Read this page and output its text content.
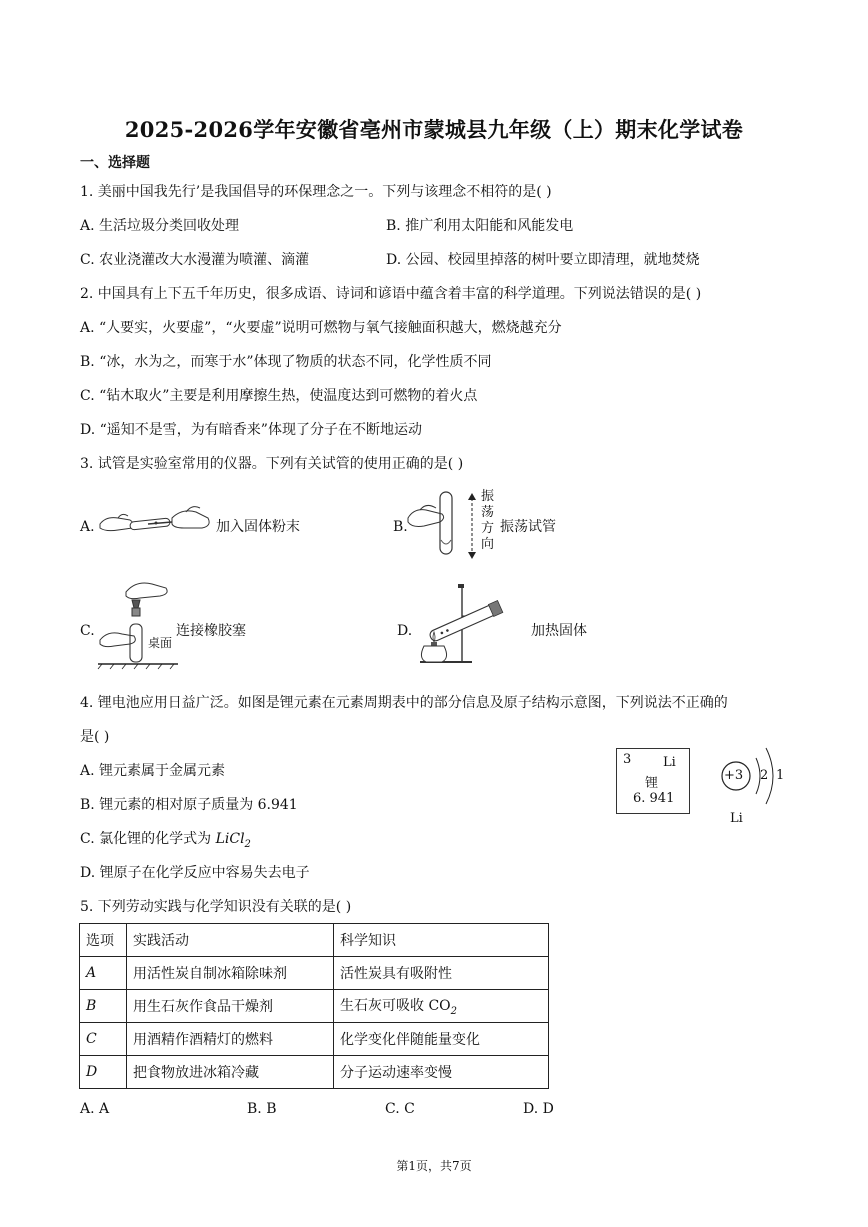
2025-2026学年安徽省亳州市蒙城县九年级（上）期末化学试卷
一、选择题
1. 美丽中国我先行’是我国倡导的环保理念之一。下列与该理念不相符的是( )
A. 生活垃圾分类回收处理	B. 推广利用太阳能和风能发电
C. 农业浇灌改大水漫灌为喷灌、滴灌	D. 公园、校园里掉落的树叶要立即清理，就地焚烧
2. 中国具有上下五千年历史，很多成语、诗词和谚语中蕴含着丰富的科学道理。下列说法错误的是( )
A. “人要实，火要虚”，“火要虚”说明可燃物与氧气接触面积越大，燃烧越充分
B. “冰，水为之，而寒于水”体现了物质的状态不同，化学性质不同
C. “钻木取火”主要是利用摩擦生热，使温度达到可燃物的着火点
D. “遥知不是雪，为有暗香来”体现了分子在不断地运动
3. 试管是实验室常用的仪器。下列有关试管的使用正确的是( )
A.	加入固体粉末	B.
振
荡
方
向
振荡试管
C.
桌面
连接橡胶塞	D.	加热固体
4. 锂电池应用日益广泛。如图是锂元素在元素周期表中的部分信息及原子结构示意图，下列说法不正确的
是( )
A. 锂元素属于金属元素
B. 锂元素的相对原子质量为 6.941
C. 氯化锂的化学式为 LiCl$_2$
D. 锂原子在化学反应中容易失去电子
3 Li
锂
6. 941
+3 2 1
Li
5. 下列劳动实践与化学知识没有关联的是( )
选项	实践活动	科学知识
A	用活性炭自制冰箱除味剂	活性炭具有吸附性
B	用生石灰作食品干燥剂	生石灰可吸收 $CO_2$
C	用酒精作酒精灯的燃料	化学变化伴随能量变化
D	把食物放进冰箱冷藏	分子运动速率变慢
A. A	B. B	C. C	D. D
第1页，共7页
